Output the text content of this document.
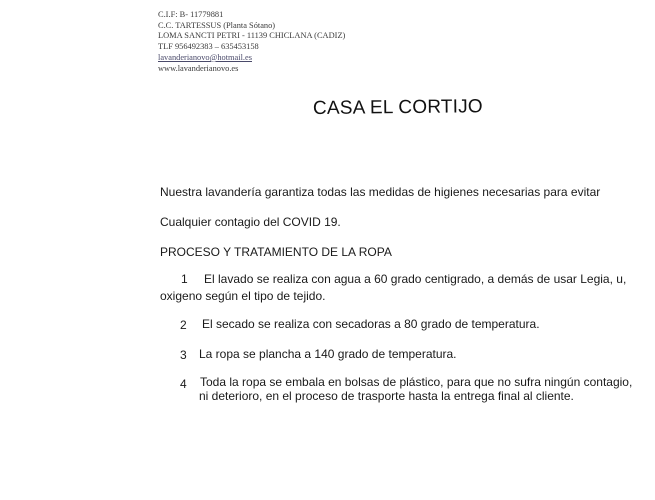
C.I.F: B- 11779881
C.C. TARTESSUS (Planta Sótano)
LOMA SANCTI PETRI - 11139 CHICLANA (CADIZ)
TLF 956492383 – 635453158
lavanderianovo@hotmail.es
www.lavanderianovo.es
CASA EL CORTIJO
Nuestra lavandería garantiza todas las medidas de higienes necesarias para evitar
Cualquier contagio del COVID 19.
PROCESO Y TRATAMIENTO DE LA ROPA
1 El lavado se realiza con agua a 60 grado centigrado, a demás de usar Legia, u,
oxigeno según el tipo de tejido.
2 El secado se realiza con secadoras a 80 grado de temperatura.
3 La ropa se plancha a 140 grado de temperatura.
4 Toda la ropa se embala en bolsas de plástico, para que no sufra ningún contagio,
ni deterioro, en el proceso de trasporte hasta la entrega final al cliente.
